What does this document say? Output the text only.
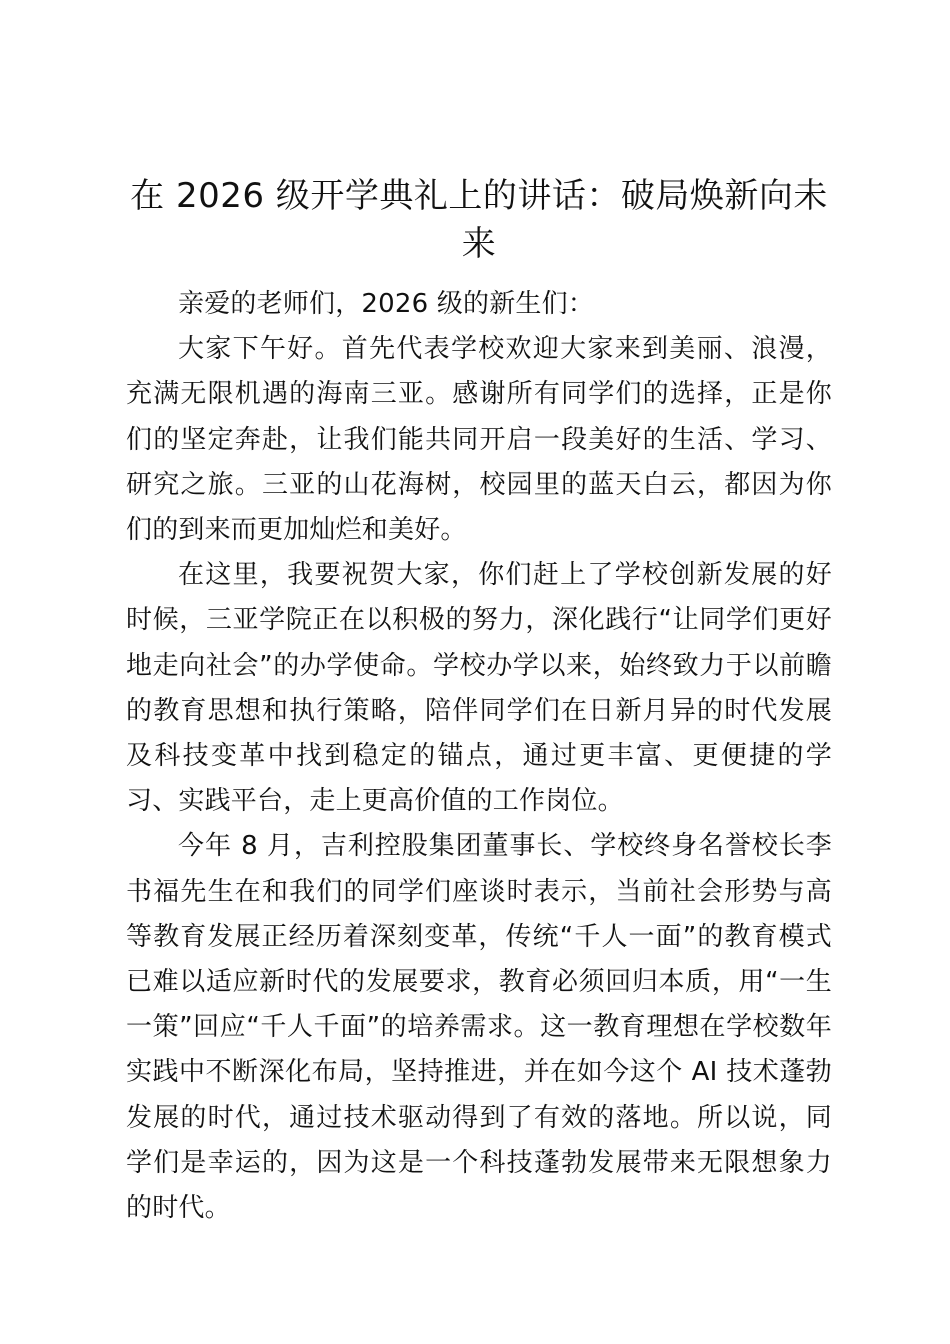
在 2026 级开学典礼上的讲话：破局焕新向未来

亲爱的老师们，2026 级的新生们：

大家下午好。首先代表学校欢迎大家来到美丽、浪漫，充满无限机遇的海南三亚。感谢所有同学们的选择，正是你们的坚定奔赴，让我们能共同开启一段美好的生活、学习、研究之旅。三亚的山花海树，校园里的蓝天白云，都因为你们的到来而更加灿烂和美好。

在这里，我要祝贺大家，你们赶上了学校创新发展的好时候，三亚学院正在以积极的努力，深化践行“让同学们更好地走向社会”的办学使命。学校办学以来，始终致力于以前瞻的教育思想和执行策略，陪伴同学们在日新月异的时代发展及科技变革中找到稳定的锚点，通过更丰富、更便捷的学习、实践平台，走上更高价值的工作岗位。

今年 8 月，吉利控股集团董事长、学校终身名誉校长李书福先生在和我们的同学们座谈时表示，当前社会形势与高等教育发展正经历着深刻变革，传统“千人一面”的教育模式已难以适应新时代的发展要求，教育必须回归本质，用“一生一策”回应“千人千面”的培养需求。这一教育理想在学校数年实践中不断深化布局，坚持推进，并在如今这个 AI 技术蓬勃发展的时代，通过技术驱动得到了有效的落地。所以说，同学们是幸运的，因为这是一个科技蓬勃发展带来无限想象力的时代。
